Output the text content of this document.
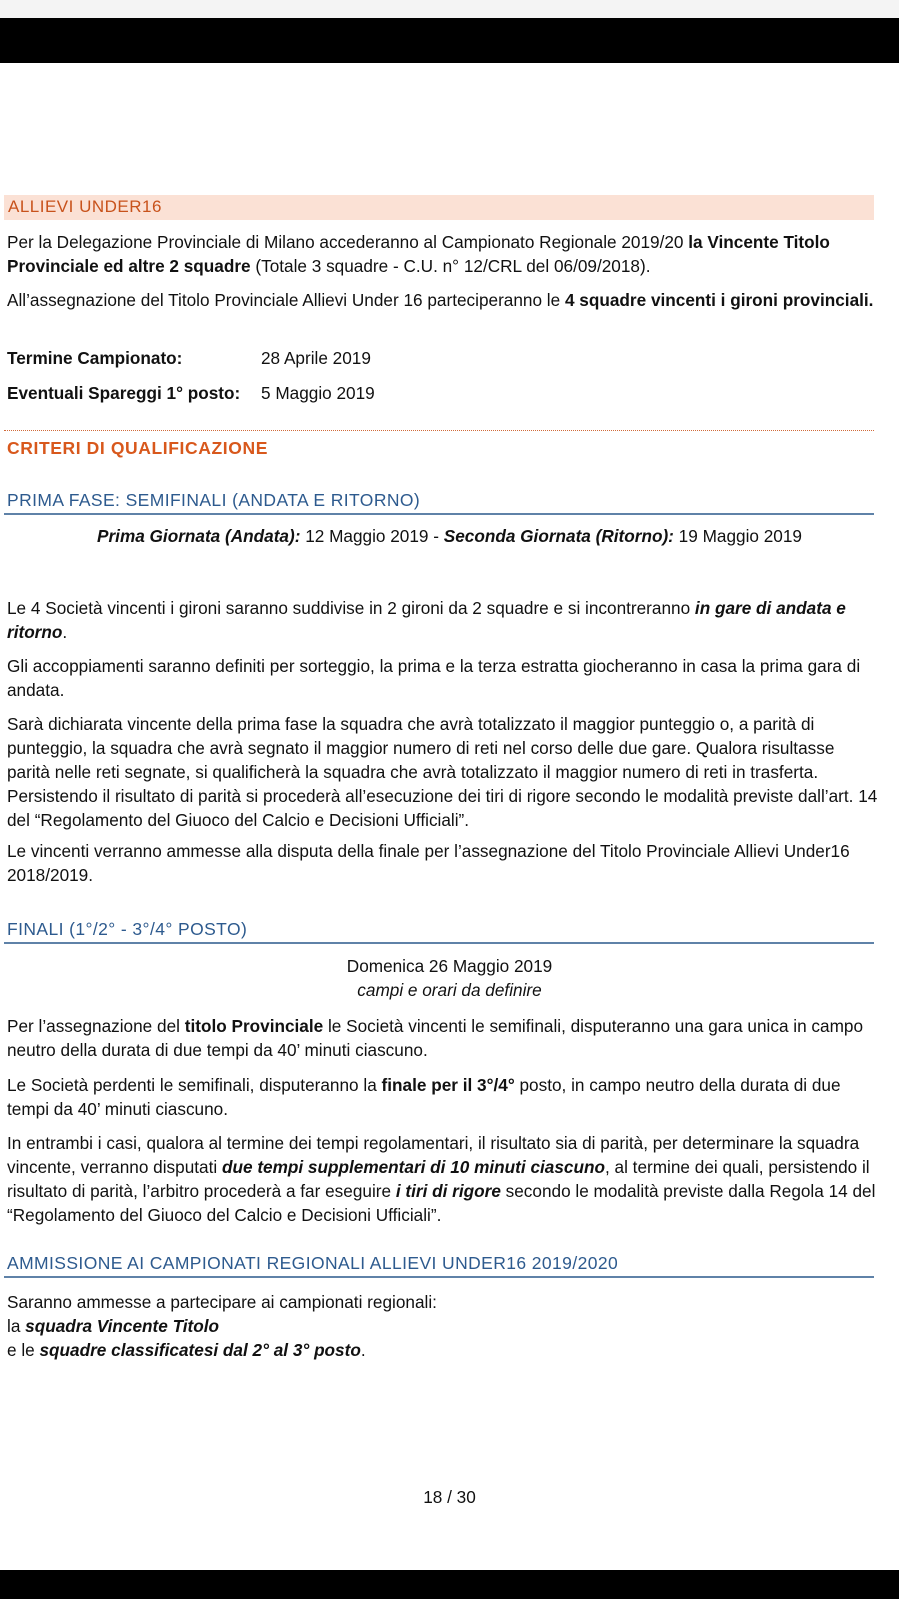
ALLIEVI UNDER16

Per la Delegazione Provinciale di Milano accederanno al Campionato Regionale 2019/20 la Vincente Titolo Provinciale ed altre 2 squadre (Totale 3 squadre - C.U. n° 12/CRL del 06/09/2018).

All’assegnazione del Titolo Provinciale Allievi Under 16 parteciperanno le 4 squadre vincenti i gironi provinciali.

Termine Campionato:	28 Aprile 2019
Eventuali Spareggi 1° posto: 5 Maggio 2019
CRITERI DI QUALIFICAZIONE
PRIMA FASE: SEMIFINALI (ANDATA E RITORNO)
Prima Giornata (Andata): 12 Maggio 2019 - Seconda Giornata (Ritorno): 19 Maggio 2019

Le 4 Società vincenti i gironi saranno suddivise in 2 gironi da 2 squadre e si incontreranno in gare di andata e ritorno.

Gli accoppiamenti saranno definiti per sorteggio, la prima e la terza estratta giocheranno in casa la prima gara di andata.

Sarà dichiarata vincente della prima fase la squadra che avrà totalizzato il maggior punteggio o, a parità di punteggio, la squadra che avrà segnato il maggior numero di reti nel corso delle due gare. Qualora risultasse parità nelle reti segnate, si qualificherà la squadra che avrà totalizzato il maggior numero di reti in trasferta. Persistendo il risultato di parità si procederà all’esecuzione dei tiri di rigore secondo le modalità previste dall’art. 14 del “Regolamento del Giuoco del Calcio e Decisioni Ufficiali”.

Le vincenti verranno ammesse alla disputa della finale per l’assegnazione del Titolo Provinciale Allievi Under16 2018/2019.

FINALI (1°/2° - 3°/4° POSTO)
Domenica 26 Maggio 2019
campi e orari da definire

Per l’assegnazione del titolo Provinciale le Società vincenti le semifinali, disputeranno una gara unica in campo neutro della durata di due tempi da 40’ minuti ciascuno.

Le Società perdenti le semifinali, disputeranno la finale per il 3°/4° posto, in campo neutro della durata di due tempi da 40’ minuti ciascuno.

In entrambi i casi, qualora al termine dei tempi regolamentari, il risultato sia di parità, per determinare la squadra vincente, verranno disputati due tempi supplementari di 10 minuti ciascuno, al termine dei quali, persistendo il risultato di parità, l’arbitro procederà a far eseguire i tiri di rigore secondo le modalità previste dalla Regola 14 del “Regolamento del Giuoco del Calcio e Decisioni Ufficiali”.

AMMISSIONE AI CAMPIONATI REGIONALI ALLIEVI UNDER16 2019/2020

Saranno ammesse a partecipare ai campionati regionali:

la squadra Vincente Titolo

e le squadre classificatesi dal 2° al 3° posto.

18 / 30
